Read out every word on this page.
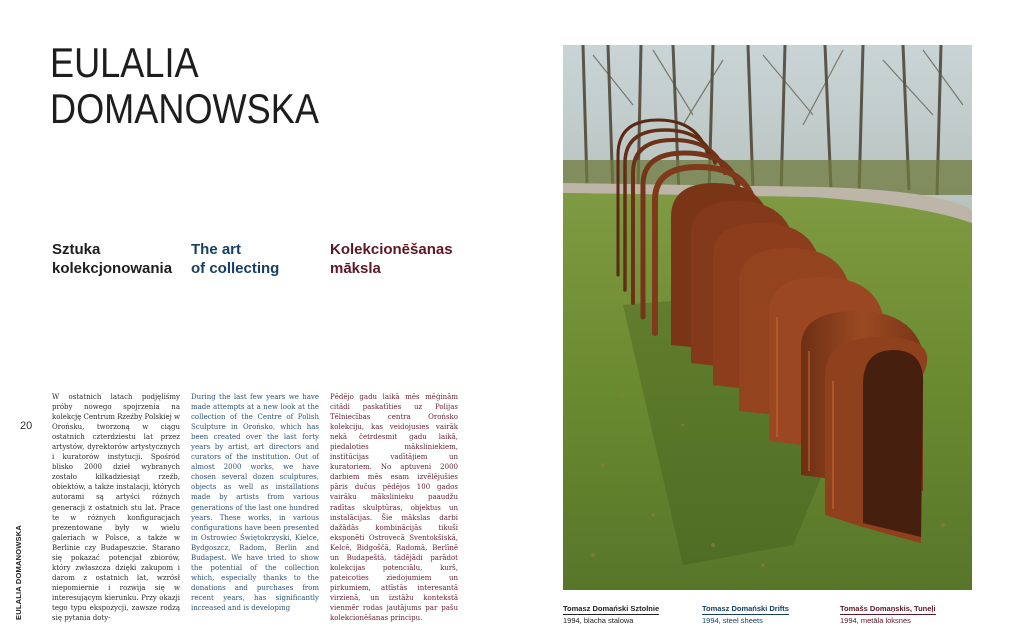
EULALIA
DOMANOWSKA
Sztuka
kolekcjonowania
The art
of collecting
Kolekcionēšanas
māksla
20
EULALIA DOMANOWSKA

W ostatnich latach podjęliśmy próby nowego spojrzenia na kolekcję Centrum Rzeźby Polskiej w Orońsku, tworzoną w ciągu ostatnich czterdziestu lat przez artystów, dyrektorów artystycznych i kuratorów instytucji. Spośród blisko 2000 dzieł wybranych zostało kilkadziesiąt rzeźb, obiektów, a także instalacji, których autorami są artyści różnych generacji z ostatnich stu lat. Prace te w różnych konfiguracjach prezentowane były w wielu galeriach w Polsce, a także w Berlinie czy Budapeszcie. Starano się pokazać potencjał zbiorów, który zwłaszcza dzięki zakupom i darom z ostatnich lat, wzrósł niepomiernie i rozwija się w interesującym kierunku. Przy okazji tego typu ekspozycji, zawsze rodzą się pytania doty-

During the last few years we have made attempts at a new look at the collection of the Centre of Polish Sculpture in Orońsko, which has been created over the last forty years by artist, art directors and curators of the institution. Out of almost 2000 works, we have chosen several dozen sculptures, objects as well as installations made by artists from various generations of the last one hundred years. These works, in various configurations have been presented in Ostrowiec Świętokrzyski, Kielce, Bydgoszcz, Radom, Berlin and Budapest. We have tried to show the potential of the collection which, especially thanks to the donations and purchases from recent years, has significantly increased and is developing

Pēdējo gadu laikā mēs mēģinām citādi paskatīties uz Polijas Tēlniecības centra Orońsko kolekciju, kas veidojusies vairāk nekā četrdesmit gadu laikā, piedaloties māksliniekiem, institūcijas vadītājiem un kuratoriem. No aptuveni 2000 darbiem mēs esam izvēlējušies pāris dučus pēdējos 100 gados vairāku mākslinieku paaudžu radītas skulptūras, objektus un instalācijas. Šie mākslas darbi dažādās kombinācijās tikuši eksponēti Ostrovecā Sventokšiskā, Kelcē, Bidgoščā, Radomā, Berlīnē un Budapeštā, tādējādi parādot kolekcijas potenciālu, kurš, pateicoties ziedojumiem un pirkumiem, attīstās interesantā virzienā, un izstāžu kontekstā vienmēr rodas jautājums par pašu kolekcionēšanas principu.

Tomasz Domański Sztolnie
1994, blacha stalowa
Tomasz Domański Drifts
1994, steel sheets
Tomašs Domaņskis, Tuneļi
1994, metāla loksnes
